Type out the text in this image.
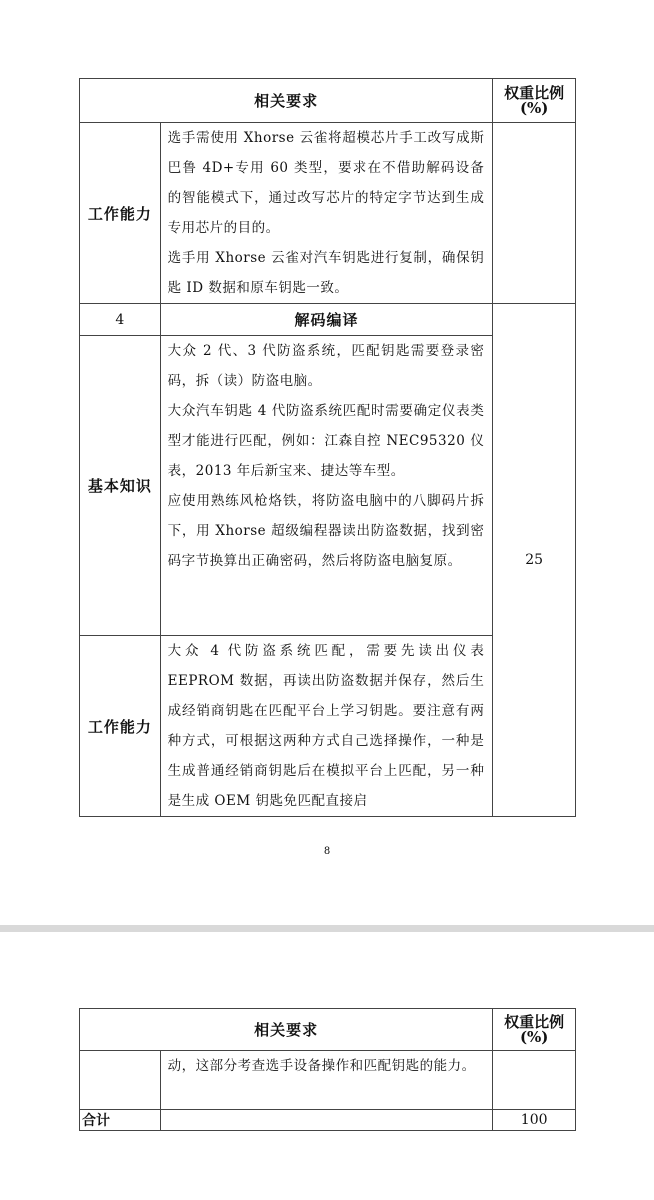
相关要求		权重比例
(%)

工作能力	选手需使用 Xhorse 云雀将超模芯片手工改写成斯巴鲁 4D+专用 60 类型，要求在不借助解码设备的智能模式下，通过改写芯片的特定字节达到生成专用芯片的目的。

选手用 Xhorse 云雀对汽车钥匙进行复制，确保钥匙 ID 数据和原车钥匙一致。	

4	解码编译	25
基本知识	大众 2 代、3 代防盗系统，匹配钥匙需要登录密码，拆（读）防盗电脑。

大众汽车钥匙 4 代防盗系统匹配时需要确定仪表类型才能进行匹配，例如：江森自控 NEC95320 仪表，2013 年后新宝来、捷达等车型。

应使用熟练风枪烙铁，将防盗电脑中的八脚码片拆下，用 Xhorse 超级编程器读出防盗数据，找到密码字节换算出正确密码，然后将防盗电脑复原。	

工作能力	大众 4 代防盗系统匹配，需要先读出仪表 EEPROM 数据，再读出防盗数据并保存，然后生成经销商钥匙在匹配平台上学习钥匙。要注意有两种方式，可根据这两种方式自己选择操作，一种是生成普通经销商钥匙后在模拟平台上匹配，另一种是生成 OEM 钥匙免匹配直接启	

8
相关要求		权重比例
(%)

	动，这部分考查选手设备操作和匹配钥匙的能力。	

合计		100
